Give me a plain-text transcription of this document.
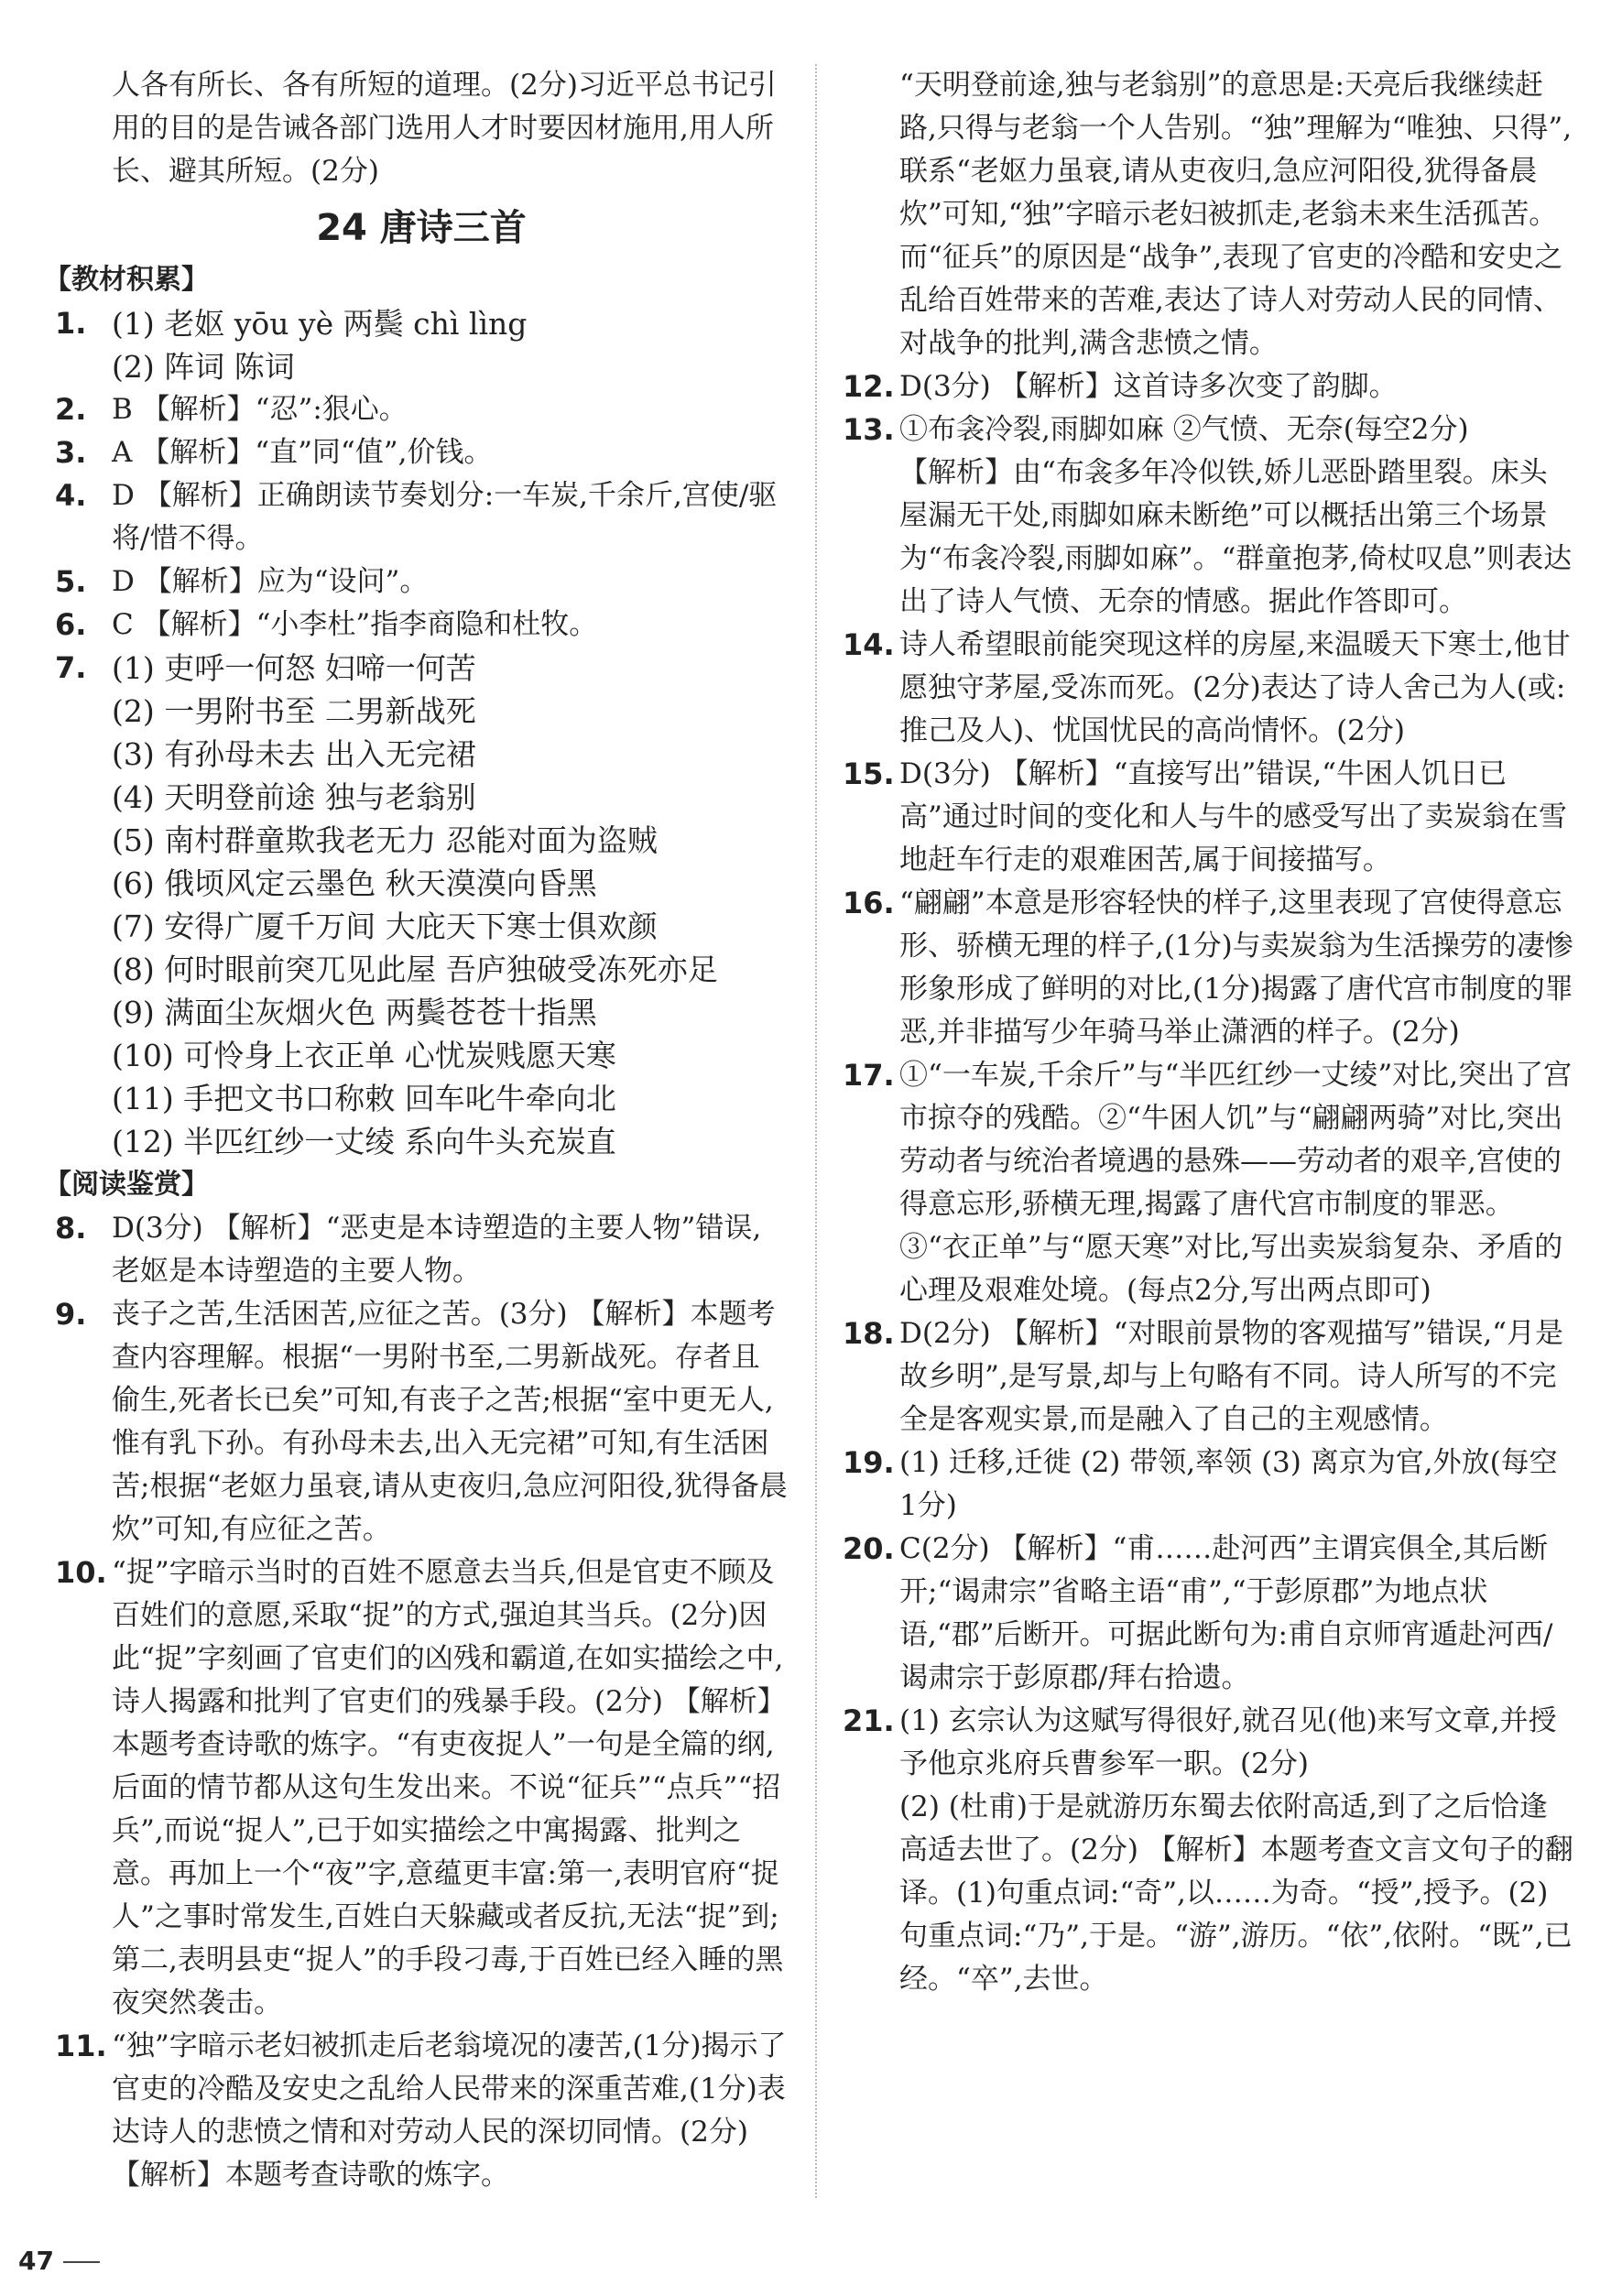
人各有所长、各有所短的道理。(2分)习近平总书记引用的目的是告诫各部门选用人才时要因材施用,用人所长、避其所短。(2分)
24 唐诗三首
【教材积累】
1. (1) 老妪 yōu yè 两鬓 chì lìng
(2) 阵词 陈词
2. B 【解析】“忍”:狠心。
3. A 【解析】“直”同“值”,价钱。
4. D 【解析】正确朗读节奏划分:一车炭,千余斤,宫使/驱将/惜不得。
5. D 【解析】应为“设问”。
6. C 【解析】“小李杜”指李商隐和杜牧。
7. (1) 吏呼一何怒 妇啼一何苦
(2) 一男附书至 二男新战死
(3) 有孙母未去 出入无完裙
(4) 天明登前途 独与老翁别
(5) 南村群童欺我老无力 忍能对面为盗贼
(6) 俄顷风定云墨色 秋天漠漠向昏黑
(7) 安得广厦千万间 大庇天下寒士俱欢颜
(8) 何时眼前突兀见此屋 吾庐独破受冻死亦足
(9) 满面尘灰烟火色 两鬓苍苍十指黑
(10) 可怜身上衣正单 心忧炭贱愿天寒
(11) 手把文书口称敕 回车叱牛牵向北
(12) 半匹红纱一丈绫 系向牛头充炭直
【阅读鉴赏】
8. D(3分) 【解析】“恶吏是本诗塑造的主要人物”错误,老妪是本诗塑造的主要人物。
9. 丧子之苦,生活困苦,应征之苦。(3分) 【解析】本题考查内容理解。根据“一男附书至,二男新战死。存者且偷生,死者长已矣”可知,有丧子之苦;根据“室中更无人,惟有乳下孙。有孙母未去,出入无完裙”可知,有生活困苦;根据“老妪力虽衰,请从吏夜归,急应河阳役,犹得备晨炊”可知,有应征之苦。
10. “捉”字暗示当时的百姓不愿意去当兵,但是官吏不顾及百姓们的意愿,采取“捉”的方式,强迫其当兵。(2分)因此“捉”字刻画了官吏们的凶残和霸道,在如实描绘之中,诗人揭露和批判了官吏们的残暴手段。(2分) 【解析】本题考查诗歌的炼字。“有吏夜捉人”一句是全篇的纲,后面的情节都从这句生发出来。不说“征兵”“点兵”“招兵”,而说“捉人”,已于如实描绘之中寓揭露、批判之意。再加上一个“夜”字,意蕴更丰富:第一,表明官府“捉人”之事时常发生,百姓白天躲藏或者反抗,无法“捉”到;第二,表明县吏“捉人”的手段刁毒,于百姓已经入睡的黑夜突然袭击。
11. “独”字暗示老妇被抓走后老翁境况的凄苦,(1分)揭示了官吏的冷酷及安史之乱给人民带来的深重苦难,(1分)表达诗人的悲愤之情和对劳动人民的深切同情。(2分) 【解析】本题考查诗歌的炼字。
“天明登前途,独与老翁别”的意思是:天亮后我继续赶路,只得与老翁一个人告别。“独”理解为“唯独、只得”,联系“老妪力虽衰,请从吏夜归,急应河阳役,犹得备晨炊”可知,“独”字暗示老妇被抓走,老翁未来生活孤苦。而“征兵”的原因是“战争”,表现了官吏的冷酷和安史之乱给百姓带来的苦难,表达了诗人对劳动人民的同情、对战争的批判,满含悲愤之情。
12. D(3分) 【解析】这首诗多次变了韵脚。
13. ①布衾冷裂,雨脚如麻 ②气愤、无奈(每空2分)
【解析】由“布衾多年冷似铁,娇儿恶卧踏里裂。床头屋漏无干处,雨脚如麻未断绝”可以概括出第三个场景为“布衾冷裂,雨脚如麻”。“群童抱茅,倚杖叹息”则表达出了诗人气愤、无奈的情感。据此作答即可。
14. 诗人希望眼前能突现这样的房屋,来温暖天下寒士,他甘愿独守茅屋,受冻而死。(2分)表达了诗人舍己为人(或:推己及人)、忧国忧民的高尚情怀。(2分)
15. D(3分) 【解析】“直接写出”错误,“牛困人饥日已高”通过时间的变化和人与牛的感受写出了卖炭翁在雪地赶车行走的艰难困苦,属于间接描写。
16. “翩翩”本意是形容轻快的样子,这里表现了宫使得意忘形、骄横无理的样子,(1分)与卖炭翁为生活操劳的凄惨形象形成了鲜明的对比,(1分)揭露了唐代宫市制度的罪恶,并非描写少年骑马举止潇洒的样子。(2分)
17. ①“一车炭,千余斤”与“半匹红纱一丈绫”对比,突出了宫市掠夺的残酷。②“牛困人饥”与“翩翩两骑”对比,突出劳动者与统治者境遇的悬殊——劳动者的艰辛,宫使的得意忘形,骄横无理,揭露了唐代宫市制度的罪恶。③“衣正单”与“愿天寒”对比,写出卖炭翁复杂、矛盾的心理及艰难处境。(每点2分,写出两点即可)
18. D(2分) 【解析】“对眼前景物的客观描写”错误,“月是故乡明”,是写景,却与上句略有不同。诗人所写的不完全是客观实景,而是融入了自己的主观感情。
19. (1) 迁移,迁徙 (2) 带领,率领 (3) 离京为官,外放(每空1分)
20. C(2分) 【解析】“甫……赴河西”主谓宾俱全,其后断开;“谒肃宗”省略主语“甫”,“于彭原郡”为地点状语,“郡”后断开。可据此断句为:甫自京师宵遁赴河西/谒肃宗于彭原郡/拜右拾遗。
21. (1) 玄宗认为这赋写得很好,就召见(他)来写文章,并授予他京兆府兵曹参军一职。(2分)
(2) (杜甫)于是就游历东蜀去依附高适,到了之后恰逢高适去世了。(2分) 【解析】本题考查文言文句子的翻译。(1)句重点词:“奇”,以……为奇。“授”,授予。(2)句重点词:“乃”,于是。“游”,游历。“依”,依附。“既”,已经。“卒”,去世。
47
